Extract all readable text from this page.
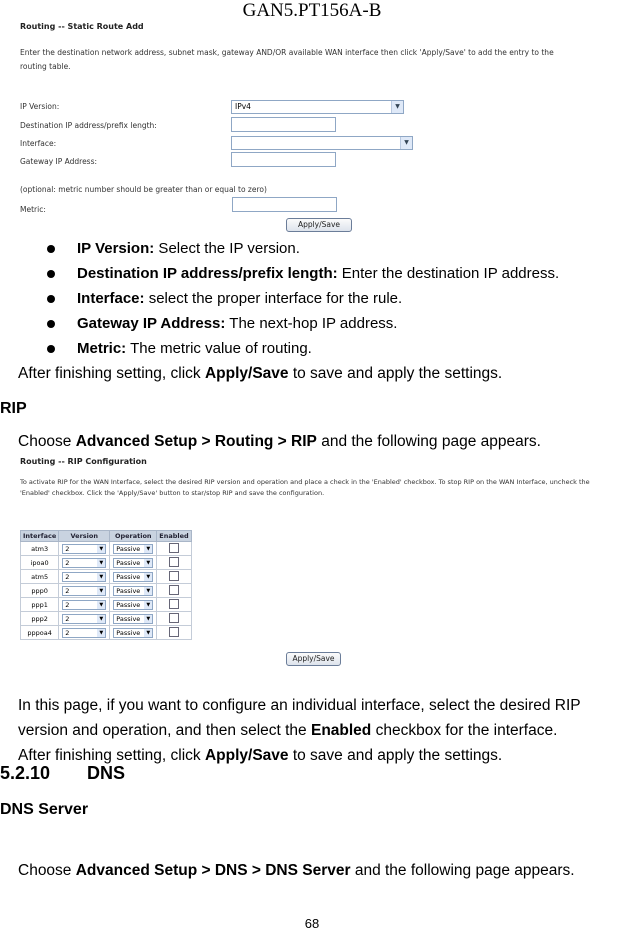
GAN5.PT156A-B
Routing -- Static Route Add
Enter the destination network address, subnet mask, gateway AND/OR available WAN interface then click 'Apply/Save' to add the entry to the
routing table.
IP Version:	IPv4	▼
Destination IP address/prefix length:
Interface:	▼
Gateway IP Address:
(optional: metric number should be greater than or equal to zero)
Metric:
Apply/Save
IP Version: Select the IP version.
Destination IP address/prefix length: Enter the destination IP address.
Interface: select the proper interface for the rule.
Gateway IP Address: The next-hop IP address.
Metric: The metric value of routing.
After finishing setting, click Apply/Save to save and apply the settings.
RIP
Choose Advanced Setup > Routing > RIP and the following page appears.
Routing -- RIP Configuration
To activate RIP for the WAN Interface, select the desired RIP version and operation and place a check in the 'Enabled' checkbox. To stop RIP on the WAN Interface, uncheck the
'Enabled' checkbox. Click the 'Apply/Save' button to star/stop RIP and save the configuration.
Interface	Version	Operation	Enabled
atm3	2 ▼	Passive ▼	

ipoa0	2 ▼	Passive ▼	

atm5	2 ▼	Passive ▼	

ppp0	2 ▼	Passive ▼	

ppp1	2 ▼	Passive ▼	

ppp2	2 ▼	Passive ▼	

pppoa4	2 ▼	Passive ▼	

Apply/Save
In this page, if you want to configure an individual interface, select the desired RIP
version and operation, and then select the Enabled checkbox for the interface.
After finishing setting, click Apply/Save to save and apply the settings.
5.2.10 DNS
DNS Server
Choose Advanced Setup > DNS > DNS Server and the following page appears.
68
